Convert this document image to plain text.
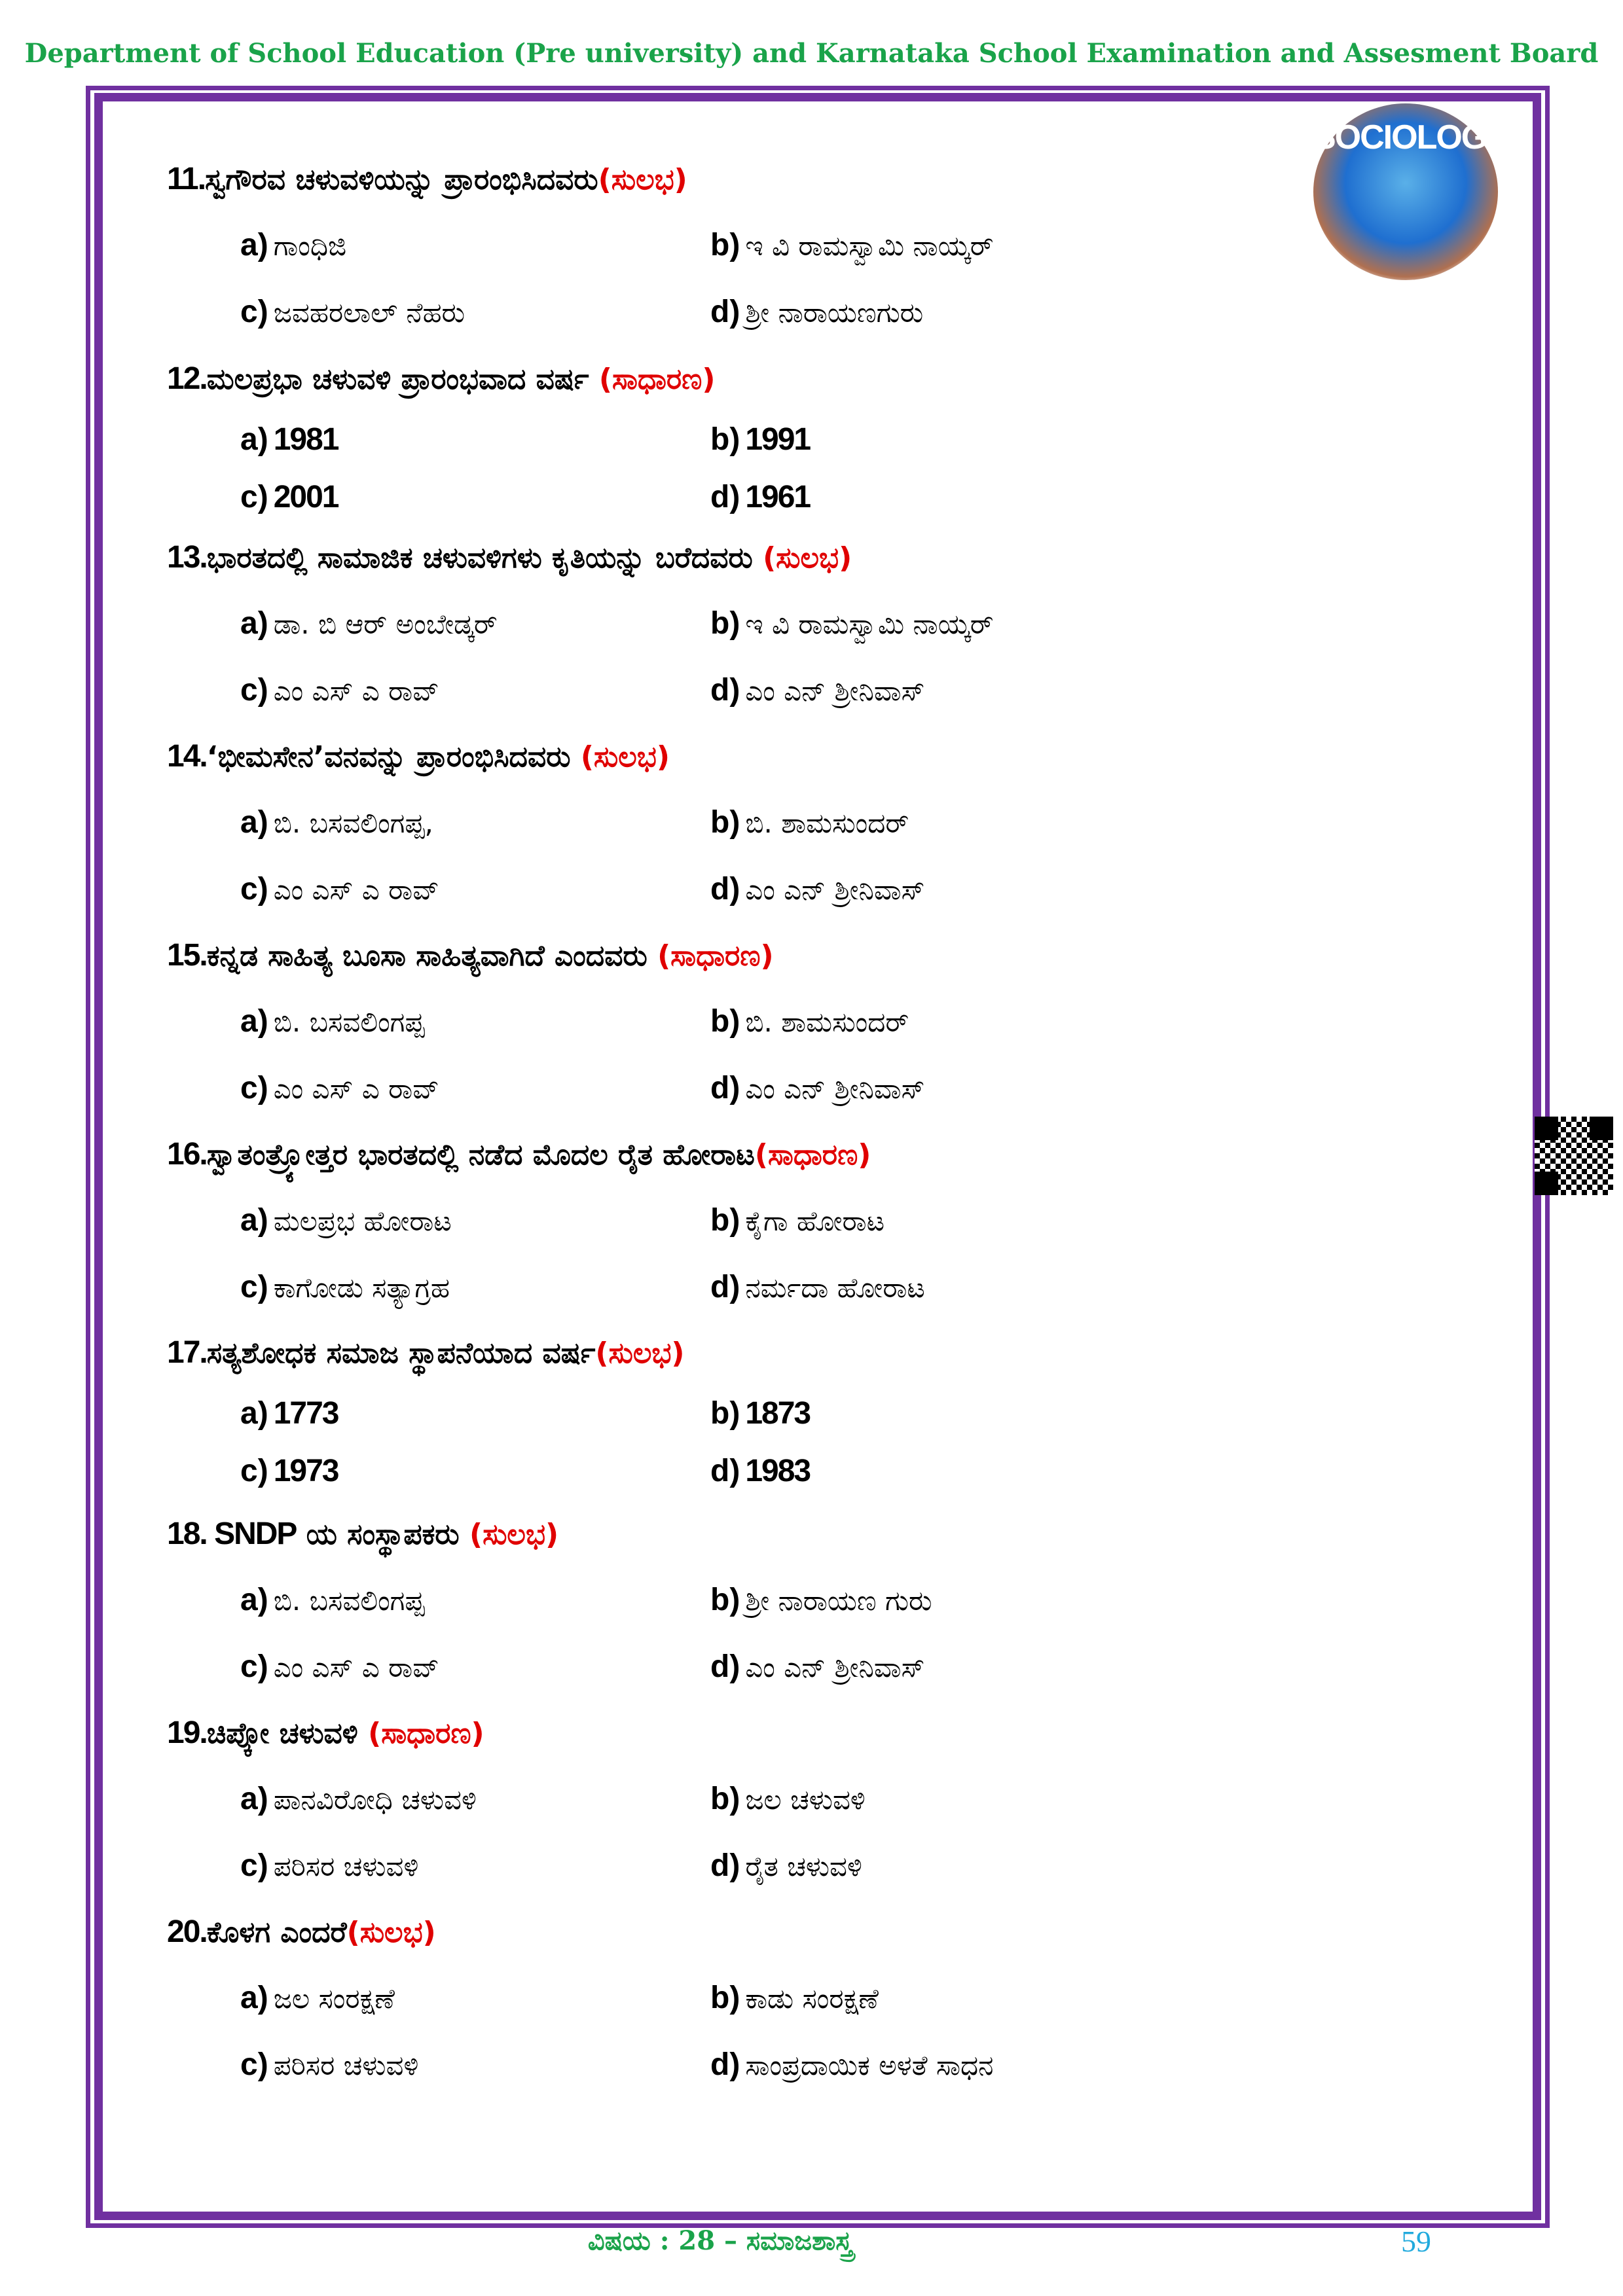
Department of School Education (Pre university) and Karnataka School Examination and Assesment Board
SOCIOLOGY
11.ಸ್ವಗೌರವ ಚಳುವಳಿಯನ್ನು ಪ್ರಾರಂಭಿಸಿದವರು(ಸುಲಭ)
a) ಗಾಂಧಿಜಿ	b) ಇ ವಿ ರಾಮಸ್ವಾಮಿ ನಾಯ್ಕರ್
c) ಜವಹರಲಾಲ್ ನೆಹರು	d) ಶ್ರೀ ನಾರಾಯಣಗುರು
12.ಮಲಪ್ರಭಾ ಚಳುವಳಿ ಪ್ರಾರಂಭವಾದ ವರ್ಷ (ಸಾಧಾರಣ)
a) 1981	b) 1991
c) 2001	d) 1961
13.ಭಾರತದಲ್ಲಿ ಸಾಮಾಜಿಕ ಚಳುವಳಿಗಳು ಕೃತಿಯನ್ನು ಬರೆದವರು (ಸುಲಭ)
a) ಡಾ. ಬಿ ಆರ್ ಅಂಬೇಡ್ಕರ್	b) ಇ ವಿ ರಾಮಸ್ವಾಮಿ ನಾಯ್ಕರ್
c) ಎಂ ಎಸ್ ಎ ರಾವ್	d) ಎಂ ಎನ್ ಶ್ರೀನಿವಾಸ್
14.‘ಭೀಮಸೇನ’ವನವನ್ನು ಪ್ರಾರಂಭಿಸಿದವರು (ಸುಲಭ)
a) ಬಿ. ಬಸವಲಿಂಗಪ್ಪ,	b) ಬಿ. ಶಾಮಸುಂದರ್
c) ಎಂ ಎಸ್ ಎ ರಾವ್	d) ಎಂ ಎನ್ ಶ್ರೀನಿವಾಸ್
15.ಕನ್ನಡ ಸಾಹಿತ್ಯ ಬೂಸಾ ಸಾಹಿತ್ಯವಾಗಿದೆ ಎಂದವರು (ಸಾಧಾರಣ)
a) ಬಿ. ಬಸವಲಿಂಗಪ್ಪ	b) ಬಿ. ಶಾಮಸುಂದರ್
c) ಎಂ ಎಸ್ ಎ ರಾವ್	d) ಎಂ ಎನ್ ಶ್ರೀನಿವಾಸ್
16.ಸ್ವಾತಂತ್ರ್ಯೋತ್ತರ ಭಾರತದಲ್ಲಿ ನಡೆದ ಮೊದಲ ರೈತ ಹೋರಾಟ(ಸಾಧಾರಣ)
a) ಮಲಪ್ರಭ ಹೋರಾಟ	b) ಕೈಗಾ ಹೋರಾಟ
c) ಕಾಗೋಡು ಸತ್ಯಾಗ್ರಹ	d) ನರ್ಮದಾ ಹೋರಾಟ
17.ಸತ್ಯಶೋಧಕ ಸಮಾಜ ಸ್ಥಾಪನೆಯಾದ ವರ್ಷ(ಸುಲಭ)
a) 1773	b) 1873
c) 1973	d) 1983
18. SNDP ಯ ಸಂಸ್ಥಾಪಕರು (ಸುಲಭ)
a) ಬಿ. ಬಸವಲಿಂಗಪ್ಪ	b) ಶ್ರೀ ನಾರಾಯಣ ಗುರು
c) ಎಂ ಎಸ್ ಎ ರಾವ್	d) ಎಂ ಎನ್ ಶ್ರೀನಿವಾಸ್
19.ಚಿಪ್ಕೋ ಚಳುವಳಿ (ಸಾಧಾರಣ)
a) ಪಾನವಿರೋಧಿ ಚಳುವಳಿ	b) ಜಲ ಚಳುವಳಿ
c) ಪರಿಸರ ಚಳುವಳಿ	d) ರೈತ ಚಳುವಳಿ
20.ಕೊಳಗ ಎಂದರೆ(ಸುಲಭ)
a) ಜಲ ಸಂರಕ್ಷಣೆ	b) ಕಾಡು ಸಂರಕ್ಷಣೆ
c) ಪರಿಸರ ಚಳುವಳಿ	d) ಸಾಂಪ್ರದಾಯಿಕ ಅಳತೆ ಸಾಧನ
ವಿಷಯ : 28 – ಸಮಾಜಶಾಸ್ತ್ರ	59
